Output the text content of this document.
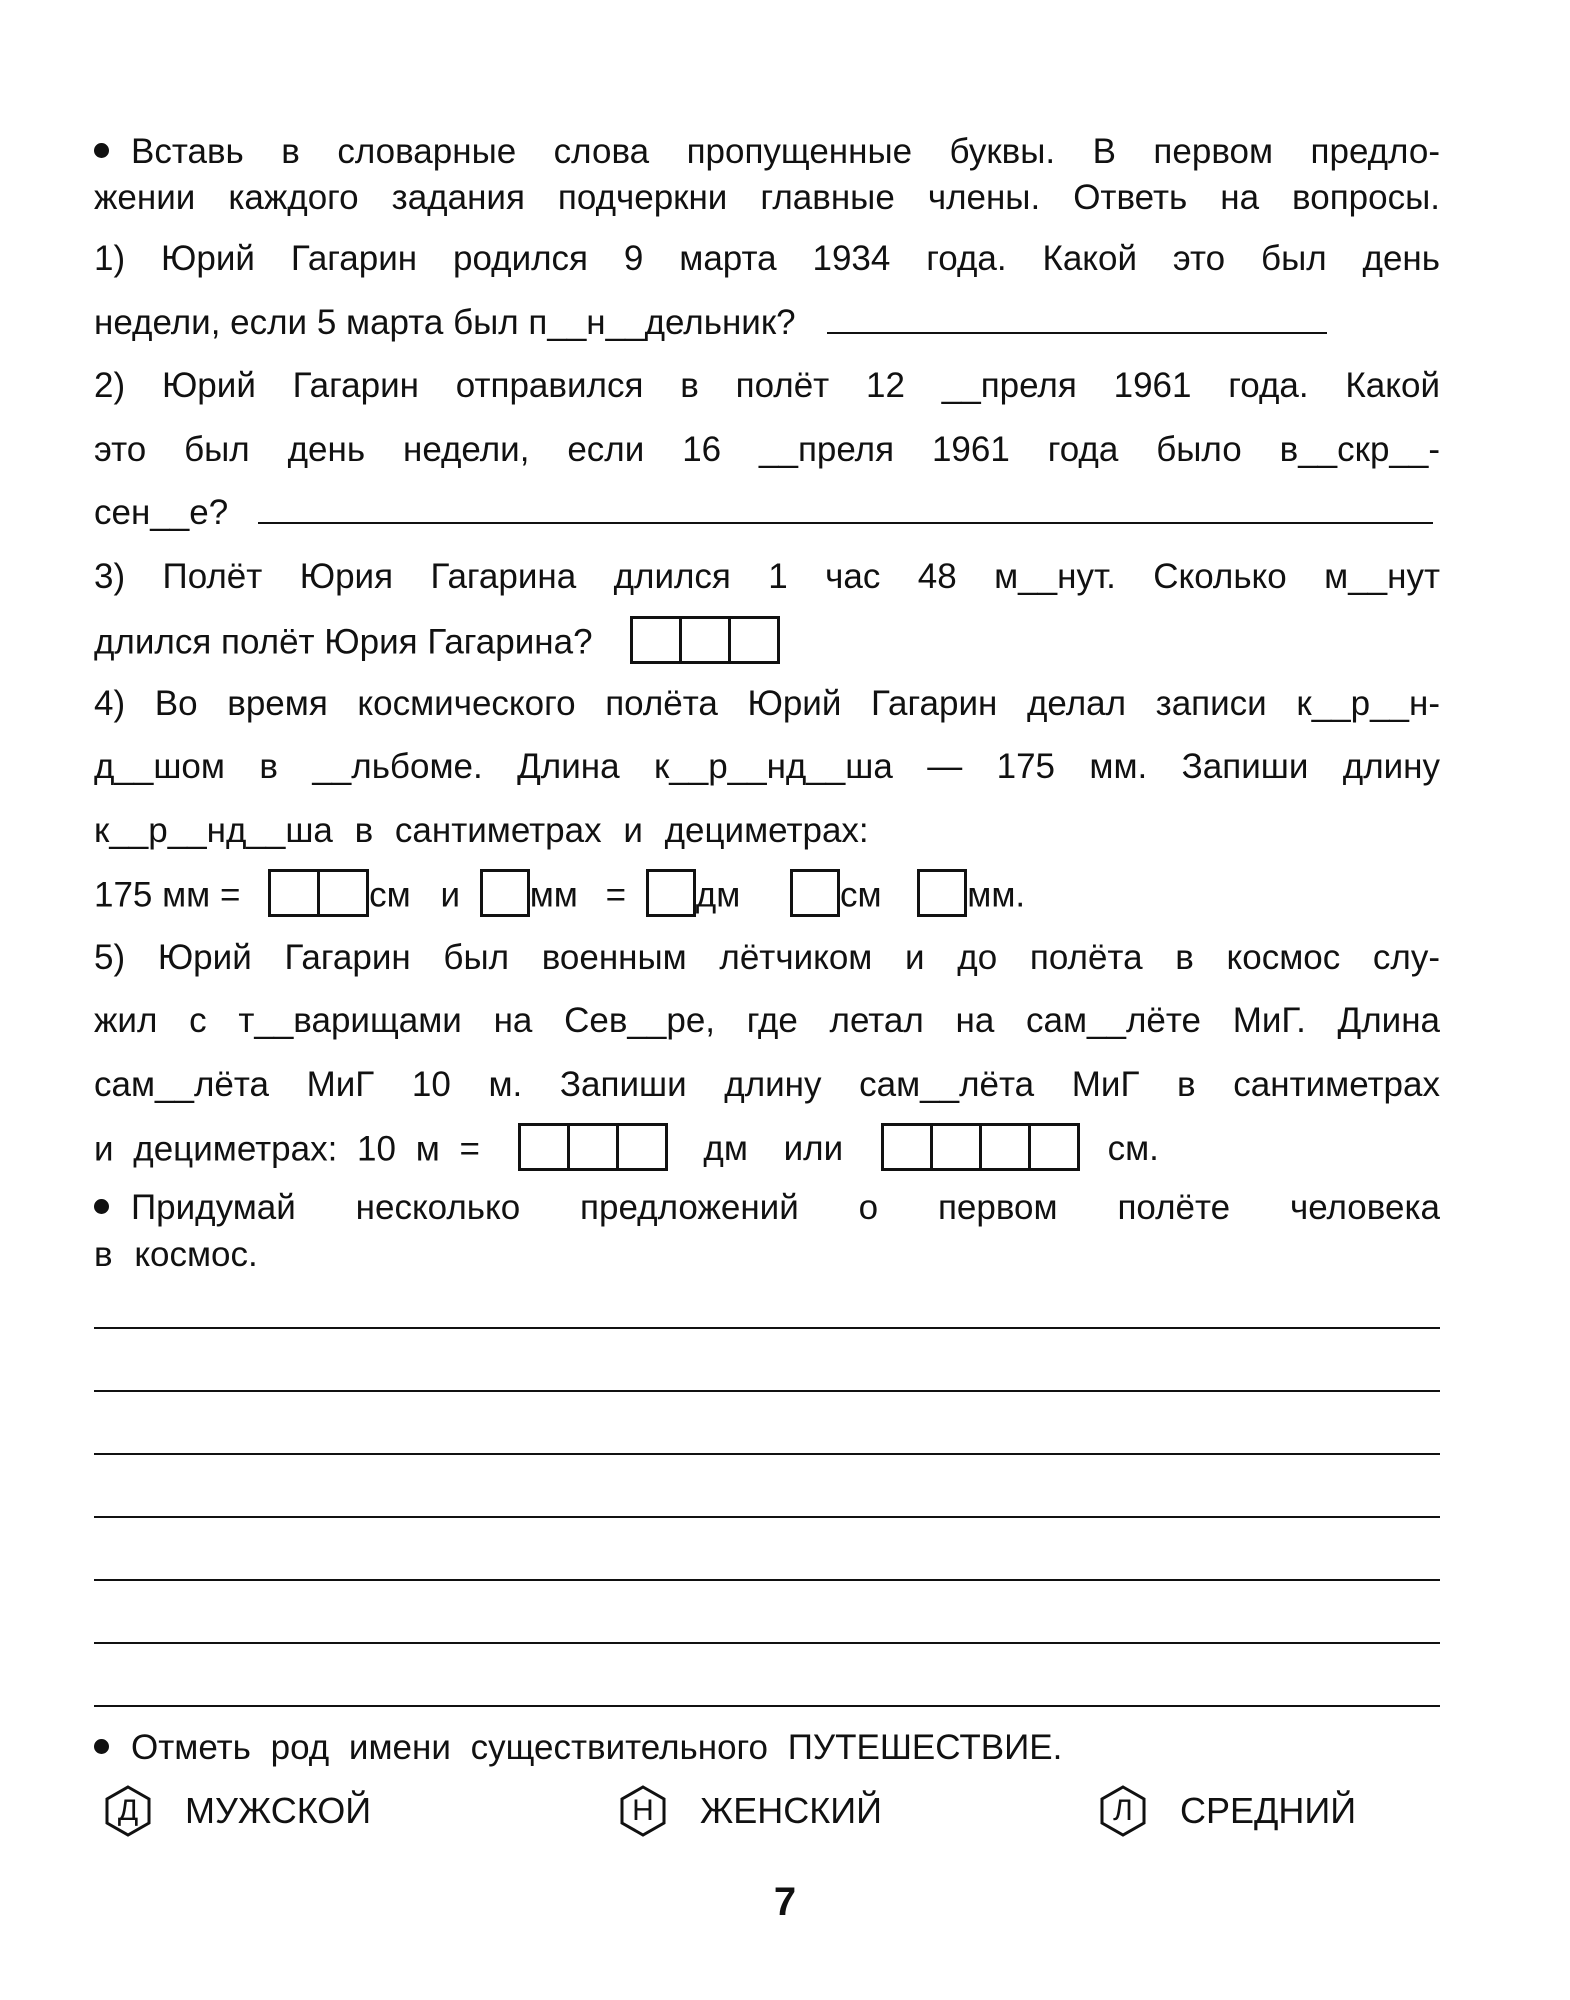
Вставь в словарные слова пропущенные буквы. В первом предло-
жении каждого задания подчеркни главные члены. Ответь на вопросы.
1) Юрий Гагарин родился 9 марта 1934 года. Какой это был день
недели, если 5 марта был п__н__дельник?
2) Юрий Гагарин отправился в полёт 12 __преля 1961 года. Какой
это был день недели, если 16 __преля 1961 года было в__скр__-
сен__е?
3) Полёт Юрия Гагарина длился 1 час 48 м__нут. Сколько м__нут
длился полёт Юрия Гагарина?
4) Во время космического полёта Юрий Гагарин делал записи к__р__н-
д__шом в __льбоме. Длина к__р__нд__ша — 175 мм. Запиши длину
к__р__нд__ша в сантиметрах и дециметрах:
175 мм =	см и мм = дм	см мм.
5) Юрий Гагарин был военным лётчиком и до полёта в космос слу-
жил с т__варищами на Сев__ре, где летал на сам__лёте МиГ. Длина
сам__лёта МиГ 10 м. Запиши длину сам__лёта МиГ в сантиметрах
и дециметрах: 10 м =	дм или	см.
Придумай несколько предложений о первом полёте человека
в космос.
Отметь род имени существительного ПУТЕШЕСТВИЕ.
Д МУЖСКОЙ	Н ЖЕНСКИЙ	Л СРЕДНИЙ
7
